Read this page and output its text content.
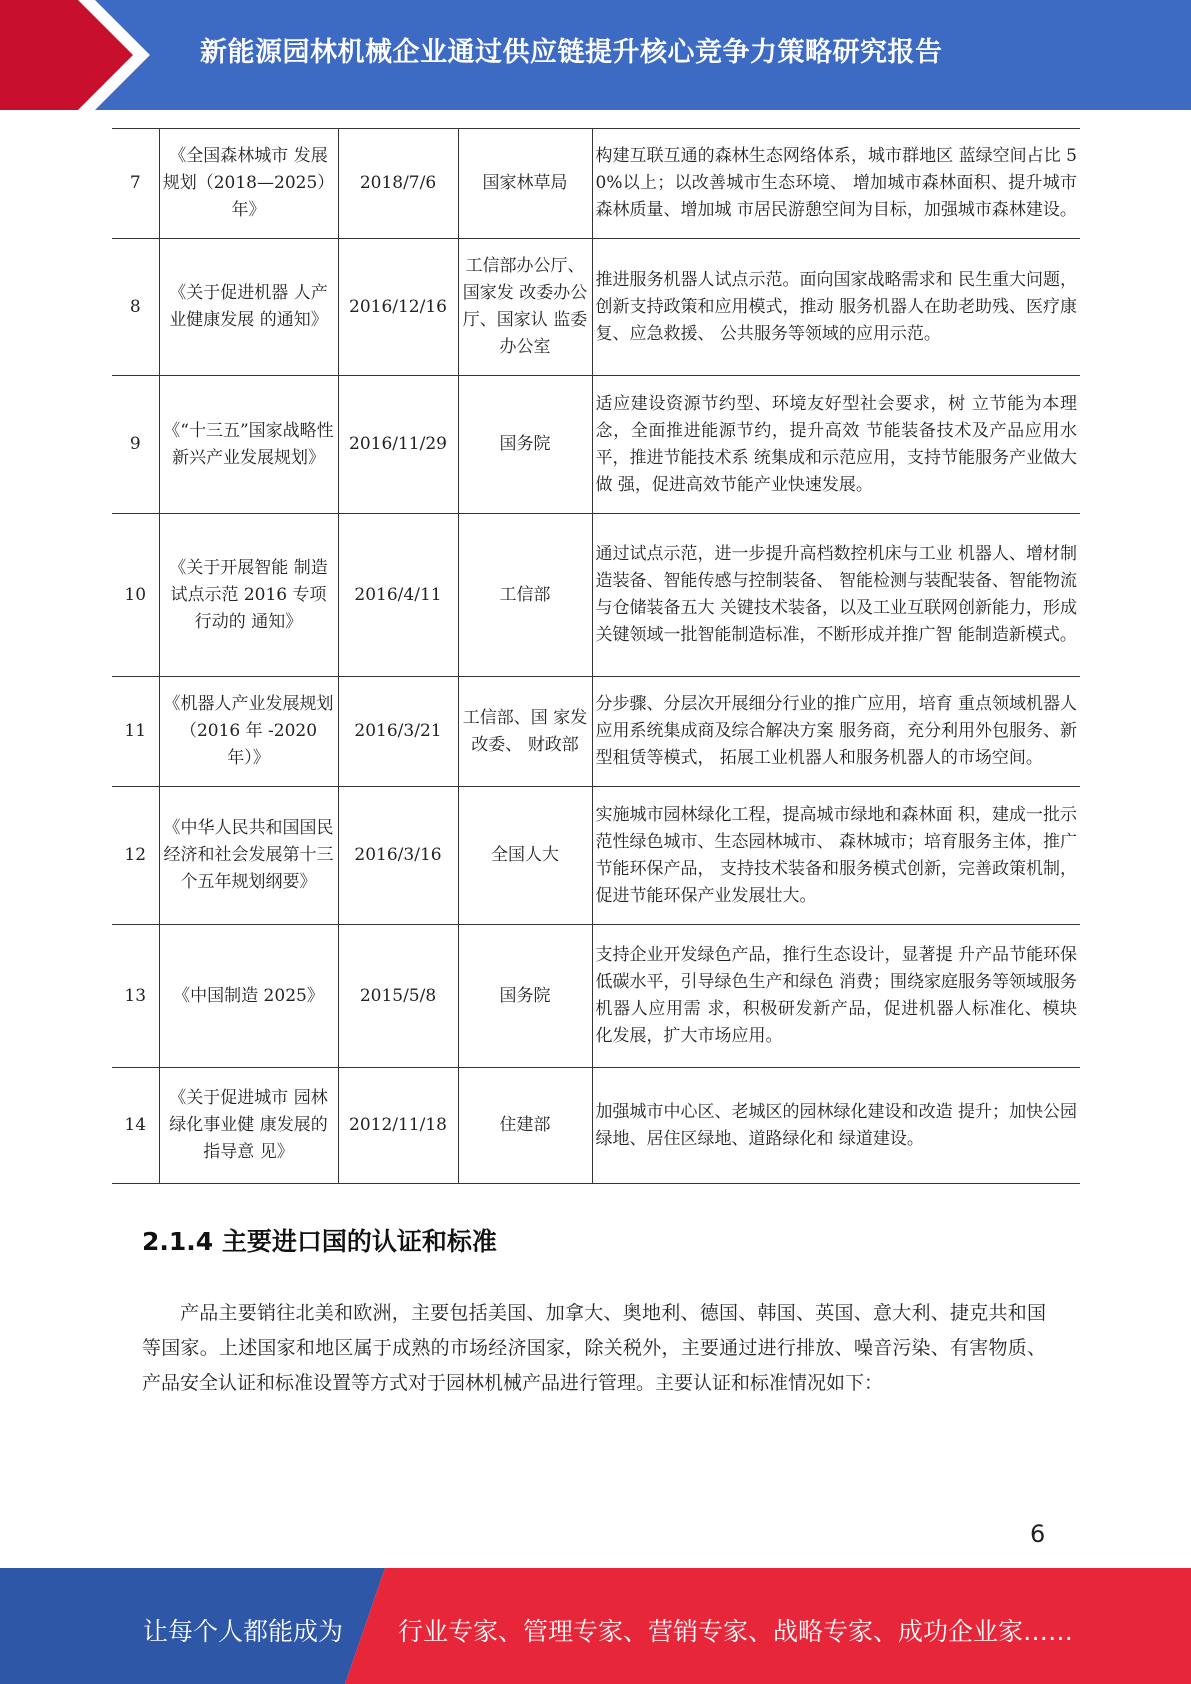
新能源园林机械企业通过供应链提升核心竞争力策略研究报告
7	《全国森林城市 发展规划（2018—2025）年》	2018/7/6	国家林草局	构建互联互通的森林生态网络体系，城市群地区 蓝绿空间占比 50%以上；以改善城市生态环境、 增加城市森林面积、提升城市森林质量、增加城 市居民游憩空间为目标，加强城市森林建设。
8	《关于促进机器 人产业健康发展 的通知》	2016/12/16	工信部办公厅、国家发 改委办公 厅、国家认 监委办公室	推进服务机器人试点示范。面向国家战略需求和 民生重大问题，创新支持政策和应用模式，推动 服务机器人在助老助残、医疗康复、应急救援、 公共服务等领域的应用示范。
9	《“十三五”国家战略性新兴产业发展规划》	2016/11/29	国务院	适应建设资源节约型、环境友好型社会要求，树 立节能为本理念，全面推进能源节约，提升高效 节能装备技术及产品应用水平，推进节能技术系 统集成和示范应用，支持节能服务产业做大做 强，促进高效节能产业快速发展。
10	《关于开展智能 制造试点示范 2016 专项行动的 通知》	2016/4/11	工信部	通过试点示范，进一步提升高档数控机床与工业 机器人、增材制造装备、智能传感与控制装备、 智能检测与装配装备、智能物流与仓储装备五大 关键技术装备，以及工业互联网创新能力，形成 关键领域一批智能制造标准，不断形成并推广智 能制造新模式。
11	《机器人产业发展规划（2016 年 -2020 年）》	2016/3/21	工信部、国 家发改委、 财政部	分步骤、分层次开展细分行业的推广应用，培育 重点领域机器人应用系统集成商及综合解决方案 服务商，充分利用外包服务、新型租赁等模式， 拓展工业机器人和服务机器人的市场空间。
12	《中华人民共和国国民经济和社会发展第十三个五年规划纲要》	2016/3/16	全国人大	实施城市园林绿化工程，提高城市绿地和森林面 积，建成一批示范性绿色城市、生态园林城市、 森林城市；培育服务主体，推广节能环保产品， 支持技术装备和服务模式创新，完善政策机制， 促进节能环保产业发展壮大。
13	《中国制造 2025》	2015/5/8	国务院	支持企业开发绿色产品，推行生态设计，显著提 升产品节能环保低碳水平，引导绿色生产和绿色 消费；围绕家庭服务等领域服务机器人应用需 求，积极研发新产品，促进机器人标准化、模块 化发展，扩大市场应用。
14	《关于促进城市 园林绿化事业健 康发展的指导意 见》	2012/11/18	住建部	加强城市中心区、老城区的园林绿化建设和改造 提升；加快公园绿地、居住区绿地、道路绿化和 绿道建设。
2.1.4 主要进口国的认证和标准
产品主要销往北美和欧洲，主要包括美国、加拿大、奥地利、德国、韩国、英国、意大利、捷克共和国等国家。上述国家和地区属于成熟的市场经济国家，除关税外，主要通过进行排放、噪音污染、有害物质、产品安全认证和标准设置等方式对于园林机械产品进行管理。主要认证和标准情况如下：
6
让每个人都能成为 行业专家、管理专家、营销专家、战略专家、成功企业家……
